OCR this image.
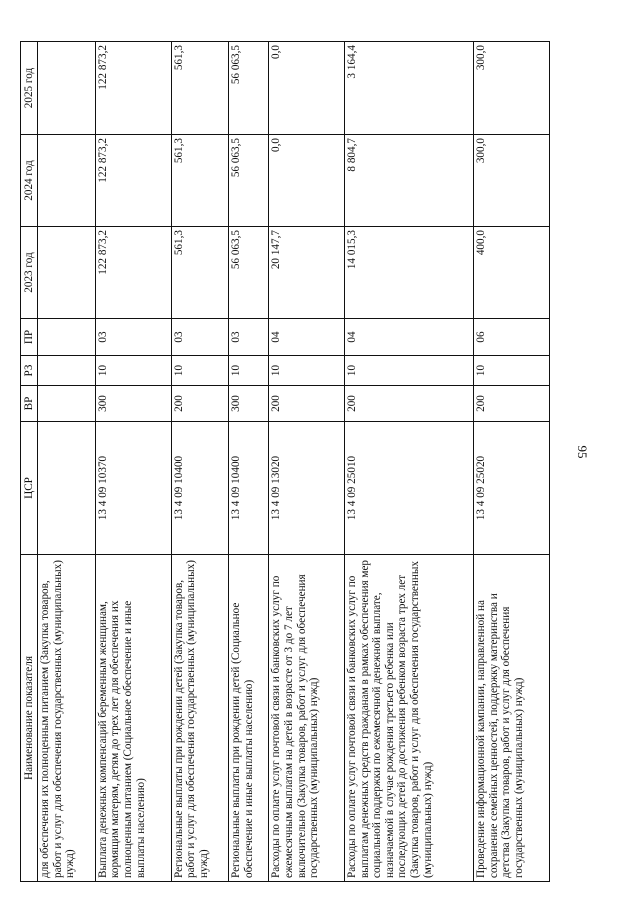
95
Наименование показателя	ЦСР	ВР	РЗ	ПР	2023 год	2024 год	2025 год
для обеспечения их полноценным питанием (Закупка товаров, работ и услуг для обеспечения государственных (муниципальных) нужд)							
Выплата денежных компенсаций беременным женщинам, кормящим матерям, детям до трех лет для обеспечения их полноценным питанием (Социальное обеспечение и иные выплаты населению)	13 4 09 10370	300	10	03	122 873,2	122 873,2	122 873,2
Региональные выплаты при рождении детей (Закупка товаров, работ и услуг для обеспечения государственных (муниципальных) нужд)	13 4 09 10400	200	10	03	561,3	561,3	561,3
Региональные выплаты при рождении детей (Социальное обеспечение и иные выплаты населению)	13 4 09 10400	300	10	03	56 063,5	56 063,5	56 063,5
Расходы по оплате услуг почтовой связи и банковских услуг по ежемесячным выплатам на детей в возрасте от 3 до 7 лет включительно (Закупка товаров, работ и услуг для обеспечения государственных (муниципальных) нужд)	13 4 09 13020	200	10	04	20 147,7	0,0	0,0
Расходы по оплате услуг почтовой связи и банковских услуг по выплатам денежных средств гражданам в рамках обеспечения мер социальной поддержки по ежемесячной денежной выплате, назначаемой в случае рождения третьего ребенка или последующих детей до достижения ребенком возраста трех лет (Закупка товаров, работ и услуг для обеспечения государственных (муниципальных) нужд)	13 4 09 25010	200	10	04	14 015,3	8 804,7	3 164,4
Проведение информационной кампании, направленной на сохранение семейных ценностей, поддержку материнства и детства (Закупка товаров, работ и услуг для обеспечения государственных (муниципальных) нужд)	13 4 09 25020	200	10	06	400,0	300,0	300,0
